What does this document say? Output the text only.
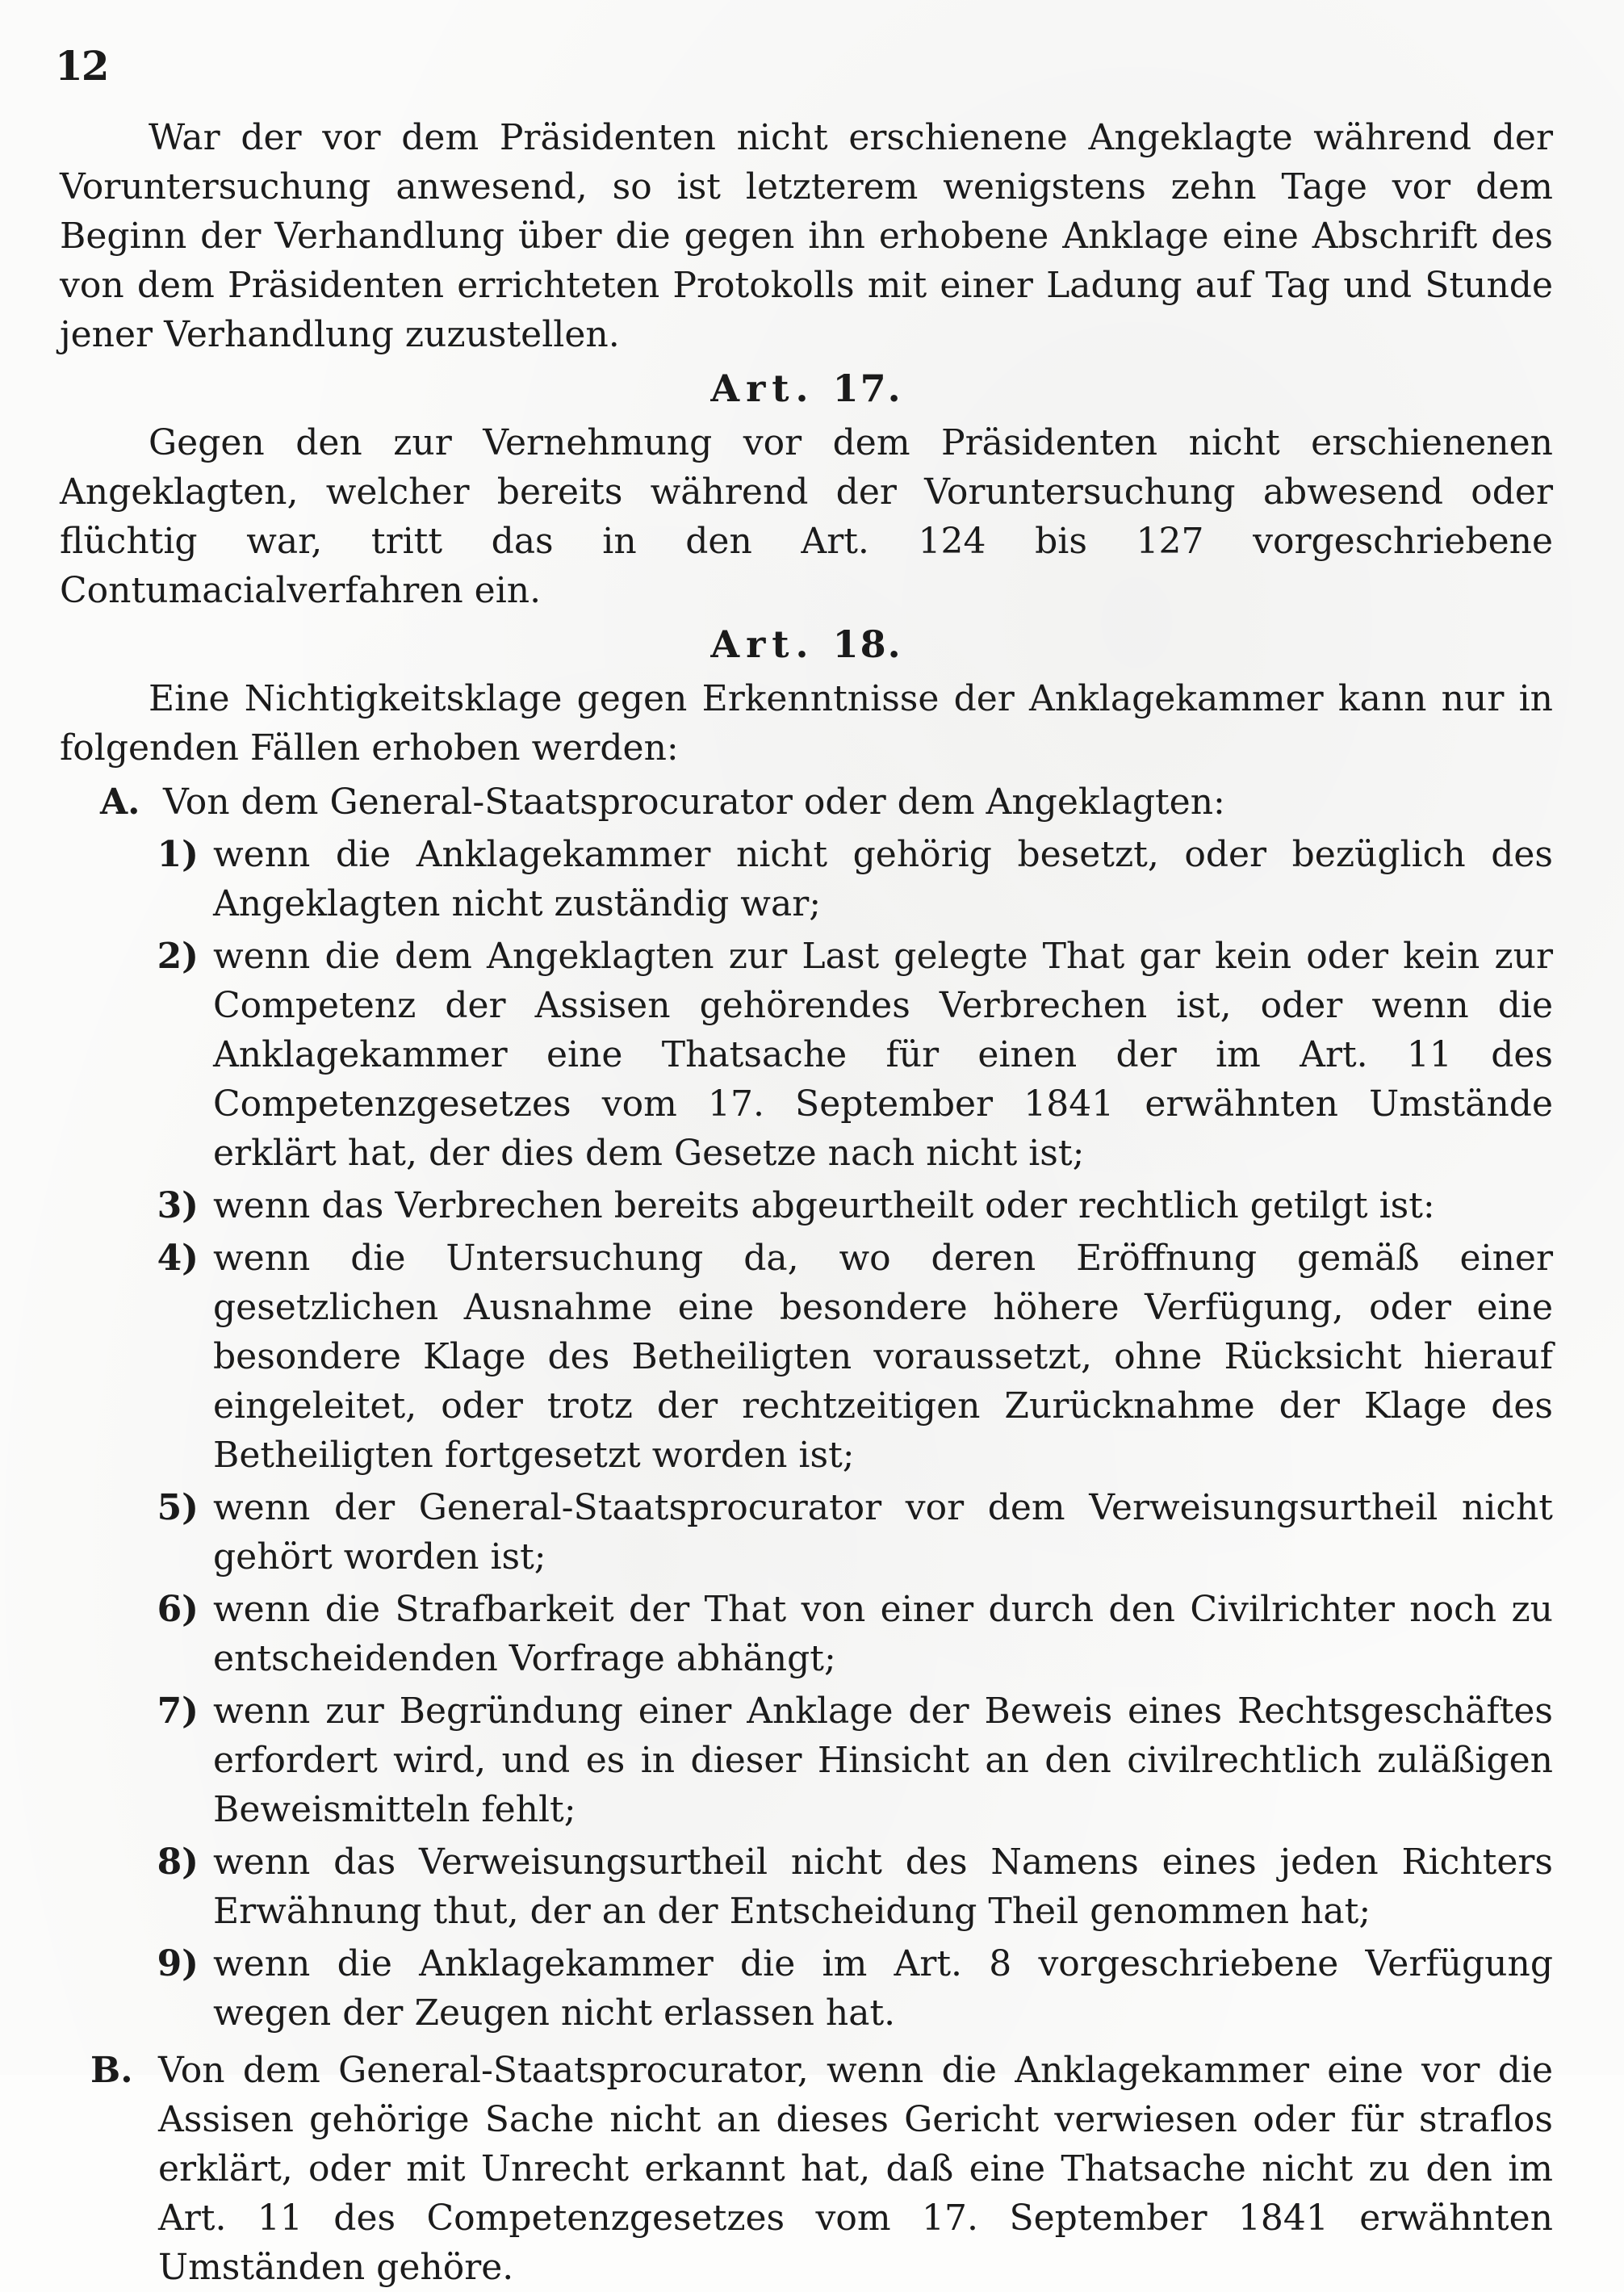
12

War der vor dem Präsidenten nicht erschienene Angeklagte während der Voruntersuchung anwesend, so ist letzterem wenigstens zehn Tage vor dem Beginn der Verhandlung über die gegen ihn erhobene Anklage eine Abschrift des von dem Präsidenten errichteten Protokolls mit einer Ladung auf Tag und Stunde jener Verhandlung zuzustellen.

Art. 17.

Gegen den zur Vernehmung vor dem Präsidenten nicht erschienenen Angeklagten, welcher bereits während der Voruntersuchung abwesend oder flüchtig war, tritt das in den Art. 124 bis 127 vorgeschriebene Contumacialverfahren ein.

Art. 18.

Eine Nichtigkeitsklage gegen Erkenntnisse der Anklagekammer kann nur in folgenden Fällen erhoben werden:

A. Von dem General-Staatsprocurator oder dem Angeklagten:
1) wenn die Anklagekammer nicht gehörig besetzt, oder bezüglich des Angeklagten nicht zuständig war;
2) wenn die dem Angeklagten zur Last gelegte That gar kein oder kein zur Competenz der Assisen gehörendes Verbrechen ist, oder wenn die Anklagekammer eine Thatsache für einen der im Art. 11 des Competenzgesetzes vom 17. September 1841 erwähnten Umstände erklärt hat, der dies dem Gesetze nach nicht ist;
3) wenn das Verbrechen bereits abgeurtheilt oder rechtlich getilgt ist:
4) wenn die Untersuchung da, wo deren Eröffnung gemäß einer gesetzlichen Ausnahme eine besondere höhere Verfügung, oder eine besondere Klage des Betheiligten voraussetzt, ohne Rücksicht hierauf eingeleitet, oder trotz der rechtzeitigen Zurücknahme der Klage des Betheiligten fortgesetzt worden ist;
5) wenn der General-Staatsprocurator vor dem Verweisungsurtheil nicht gehört worden ist;
6) wenn die Strafbarkeit der That von einer durch den Civilrichter noch zu entscheidenden Vorfrage abhängt;
7) wenn zur Begründung einer Anklage der Beweis eines Rechtsgeschäftes erfordert wird, und es in dieser Hinsicht an den civilrechtlich zuläßigen Beweismitteln fehlt;
8) wenn das Verweisungsurtheil nicht des Namens eines jeden Richters Erwähnung thut, der an der Entscheidung Theil genommen hat;
9) wenn die Anklagekammer die im Art. 8 vorgeschriebene Verfügung wegen der Zeugen nicht erlassen hat.
B. Von dem General-Staatsprocurator, wenn die Anklagekammer eine vor die Assisen gehörige Sache nicht an dieses Gericht verwiesen oder für straflos erklärt, oder mit Unrecht erkannt hat, daß eine Thatsache nicht zu den im Art. 11 des Competenzgesetzes vom 17. September 1841 erwähnten Umständen gehöre.
